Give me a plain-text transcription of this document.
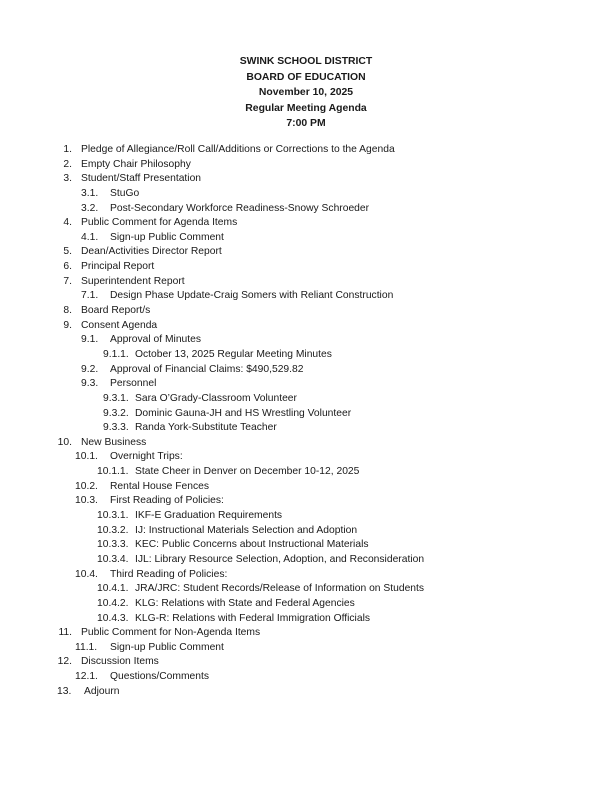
SWINK SCHOOL DISTRICT
BOARD OF EDUCATION
November 10, 2025
Regular Meeting Agenda
7:00 PM
1. Pledge of Allegiance/Roll Call/Additions or Corrections to the Agenda
2. Empty Chair Philosophy
3. Student/Staff Presentation
3.1. StuGo
3.2. Post-Secondary Workforce Readiness-Snowy Schroeder
4. Public Comment for Agenda Items
4.1. Sign-up Public Comment
5. Dean/Activities Director Report
6. Principal Report
7. Superintendent Report
7.1. Design Phase Update-Craig Somers with Reliant Construction
8. Board Report/s
9. Consent Agenda
9.1. Approval of Minutes
9.1.1. October 13, 2025 Regular Meeting Minutes
9.2. Approval of Financial Claims: $490,529.82
9.3. Personnel
9.3.1. Sara O’Grady-Classroom Volunteer
9.3.2. Dominic Gauna-JH and HS Wrestling Volunteer
9.3.3. Randa York-Substitute Teacher
10. New Business
10.1. Overnight Trips:
10.1.1. State Cheer in Denver on December 10-12, 2025
10.2. Rental House Fences
10.3. First Reading of Policies:
10.3.1. IKF-E Graduation Requirements
10.3.2. IJ: Instructional Materials Selection and Adoption
10.3.3. KEC: Public Concerns about Instructional Materials
10.3.4. IJL: Library Resource Selection, Adoption, and Reconsideration
10.4. Third Reading of Policies:
10.4.1. JRA/JRC: Student Records/Release of Information on Students
10.4.2. KLG: Relations with State and Federal Agencies
10.4.3. KLG-R: Relations with Federal Immigration Officials
11. Public Comment for Non-Agenda Items
11.1. Sign-up Public Comment
12. Discussion Items
12.1. Questions/Comments
13. Adjourn
